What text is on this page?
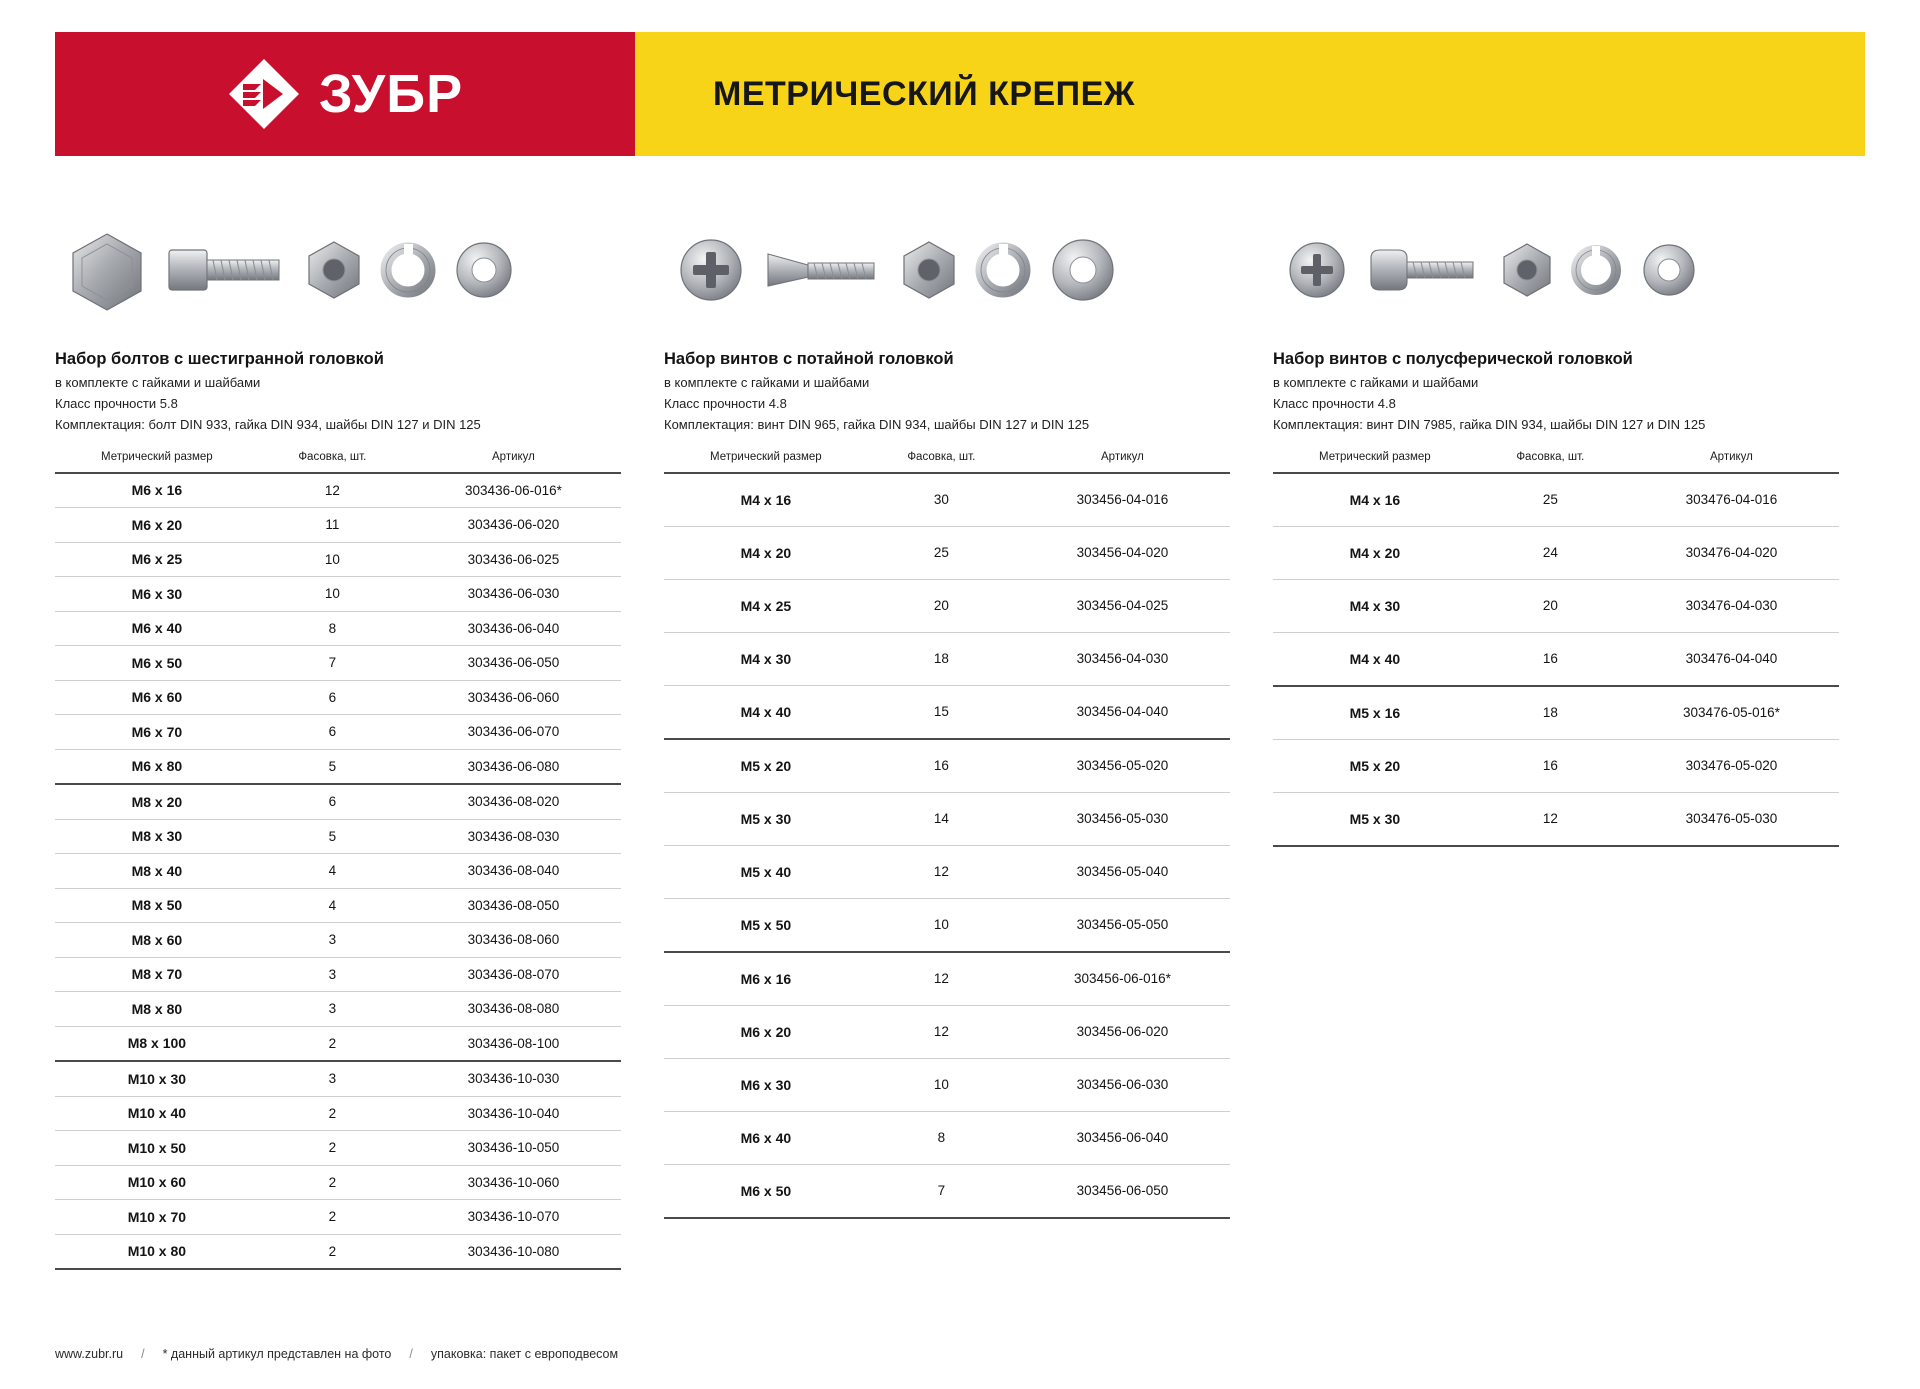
ЗУБР	МЕТРИЧЕСКИЙ КРЕПЕЖ
Набор болтов с шестигранной головкой
в комплекте с гайками и шайбами
Класс прочности 5.8
Комплектация: болт DIN 933, гайка DIN 934, шайбы DIN 127 и DIN 125
Метрический размер	Фасовка, шт.	Артикул
M6 x 16	12	303436-06-016*
M6 x 20	11	303436-06-020
M6 x 25	10	303436-06-025
M6 x 30	10	303436-06-030
M6 x 40	8	303436-06-040
M6 x 50	7	303436-06-050
M6 x 60	6	303436-06-060
M6 x 70	6	303436-06-070
M6 x 80	5	303436-06-080
M8 x 20	6	303436-08-020
M8 x 30	5	303436-08-030
M8 x 40	4	303436-08-040
M8 x 50	4	303436-08-050
M8 x 60	3	303436-08-060
M8 x 70	3	303436-08-070
M8 x 80	3	303436-08-080
M8 x 100	2	303436-08-100
M10 x 30	3	303436-10-030
M10 x 40	2	303436-10-040
M10 x 50	2	303436-10-050
M10 x 60	2	303436-10-060
M10 x 70	2	303436-10-070
M10 x 80	2	303436-10-080
Набор винтов с потайной головкой
в комплекте с гайками и шайбами
Класс прочности 4.8
Комплектация: винт DIN 965, гайка DIN 934, шайбы DIN 127 и DIN 125
Метрический размер	Фасовка, шт.	Артикул
M4 x 16	30	303456-04-016
M4 x 20	25	303456-04-020
M4 x 25	20	303456-04-025
M4 x 30	18	303456-04-030
M4 x 40	15	303456-04-040
M5 x 20	16	303456-05-020
M5 x 30	14	303456-05-030
M5 x 40	12	303456-05-040
M5 x 50	10	303456-05-050
M6 x 16	12	303456-06-016*
M6 x 20	12	303456-06-020
M6 x 30	10	303456-06-030
M6 x 40	8	303456-06-040
M6 x 50	7	303456-06-050
Набор винтов с полусферической головкой
в комплекте с гайками и шайбами
Класс прочности 4.8
Комплектация: винт DIN 7985, гайка DIN 934, шайбы DIN 127 и DIN 125
Метрический размер	Фасовка, шт.	Артикул
M4 x 16	25	303476-04-016
M4 x 20	24	303476-04-020
M4 x 30	20	303476-04-030
M4 x 40	16	303476-04-040
M5 x 16	18	303476-05-016*
M5 x 20	16	303476-05-020
M5 x 30	12	303476-05-030
www.zubr.ru / * данный артикул представлен на фото / упаковка: пакет с европодвесом
